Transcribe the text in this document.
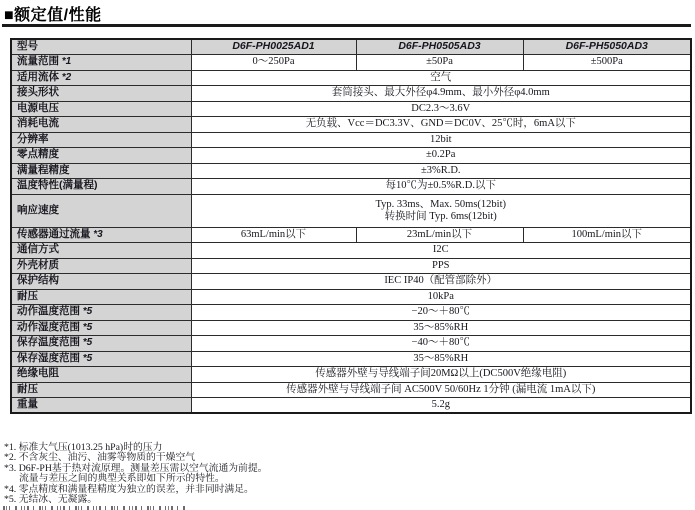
■额定值/性能
型号	D6F-PH0025AD1	D6F-PH0505AD3	D6F-PH5050AD3
流量范围 *1	0～250Pa	±50Pa	±500Pa
适用流体 *2	空气		
接头形状	套筒接头、最大外径φ4.9mm、最小外径φ4.0mm		
电源电压	DC2.3～3.6V		
消耗电流	无负载、Vcc＝DC3.3V、GND＝DC0V、25℃时，6mA以下		
分辨率	12bit		
零点精度	±0.2Pa		
满量程精度	±3%R.D.		
温度特性(满量程)	每10℃为±0.5%R.D.以下		
响应速度	Typ. 33ms、Max. 50ms(12bit)
转换时间 Typ. 6ms(12bit)		

传感器通过流量 *3	63mL/min以下	23mL/min以下	100mL/min以下
通信方式	I2C		
外壳材质	PPS		
保护结构	IEC IP40（配管部除外）		
耐压	10kPa		
动作温度范围 *5	−20～＋80℃		
动作湿度范围 *5	35～85%RH		
保存温度范围 *5	−40～＋80℃		
保存湿度范围 *5	35～85%RH		
绝缘电阻	传感器外壁与导线端子间20MΩ以上(DC500V绝缘电阻)		
耐压	传感器外壁与导线端子间 AC500V 50/60Hz 1分钟 (漏电流 1mA以下)		
重量	5.2g		
*1. 标准大气压(1013.25 hPa)时的压力
*2. 不含灰尘、油污、油雾等物质的干燥空气
*3. D6F-PH基于热对流原理。测量差压需以空气流通为前提。
流量与差压之间的典型关系即如下所示的特性。
*4. 零点精度和满量程精度为独立的误差，并非同时满足。
*5. 无结冰、无凝露。
